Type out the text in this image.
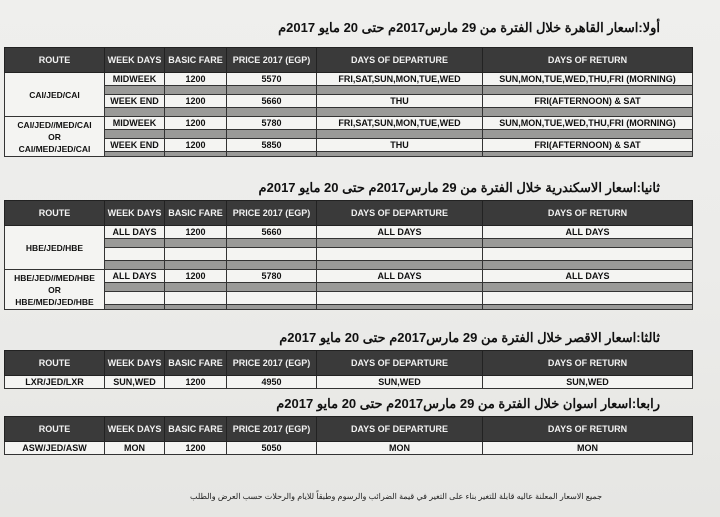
أولا:اسعار القاهرة خلال الفترة من 29 مارس2017م حتى 20 مايو 2017م
ROUTE	WEEK DAYS	BASIC FARE	PRICE 2017 (EGP)	DAYS OF DEPARTURE	DAYS OF RETURN
CAI/JED/CAI	MIDWEEK	1200	5570	FRI,SAT,SUN,MON,TUE,WED	SUN,MON,TUE,WED,THU,FRI (MORNING)

	WEEK END	1200	5660	THU	FRI(AFTERNOON) & SAT

CAI/JED//MED/CAI
OR
CAI/MED/JED/CAI	MIDWEEK	1200	5780	FRI,SAT,SUN,MON,TUE,WED	SUN,MON,TUE,WED,THU,FRI (MORNING)

	WEEK END	1200	5850	THU	FRI(AFTERNOON) & SAT

ثانيا:اسعار الاسكندرية خلال الفترة من 29 مارس2017م حتى 20 مايو 2017م
ROUTE	WEEK DAYS	BASIC FARE	PRICE 2017 (EGP)	DAYS OF DEPARTURE	DAYS OF RETURN
HBE/JED/HBE	ALL DAYS	1200	5660	ALL DAYS	ALL DAYS

HBE/JED//MED/HBE
OR
HBE/MED/JED/HBE	ALL DAYS	1200	5780	ALL DAYS	ALL DAYS

ثالثا:اسعار الاقصر خلال الفترة من 29 مارس2017م حتى 20 مايو 2017م
ROUTE	WEEK DAYS	BASIC FARE	PRICE 2017 (EGP)	DAYS OF DEPARTURE	DAYS OF RETURN
LXR/JED/LXR	SUN,WED	1200	4950	SUN,WED	SUN,WED
رابعا:اسعار اسوان خلال الفترة من 29 مارس2017م حتى 20 مايو 2017م
ROUTE	WEEK DAYS	BASIC FARE	PRICE 2017 (EGP)	DAYS OF DEPARTURE	DAYS OF RETURN
ASW/JED/ASW	MON	1200	5050	MON	MON
جميع الاسعار المعلنة عاليه قابلة للتغير بناء على التغير في قيمة الضرائب والرسوم وطبقاً للايام والرحلات حسب العرض والطلب
